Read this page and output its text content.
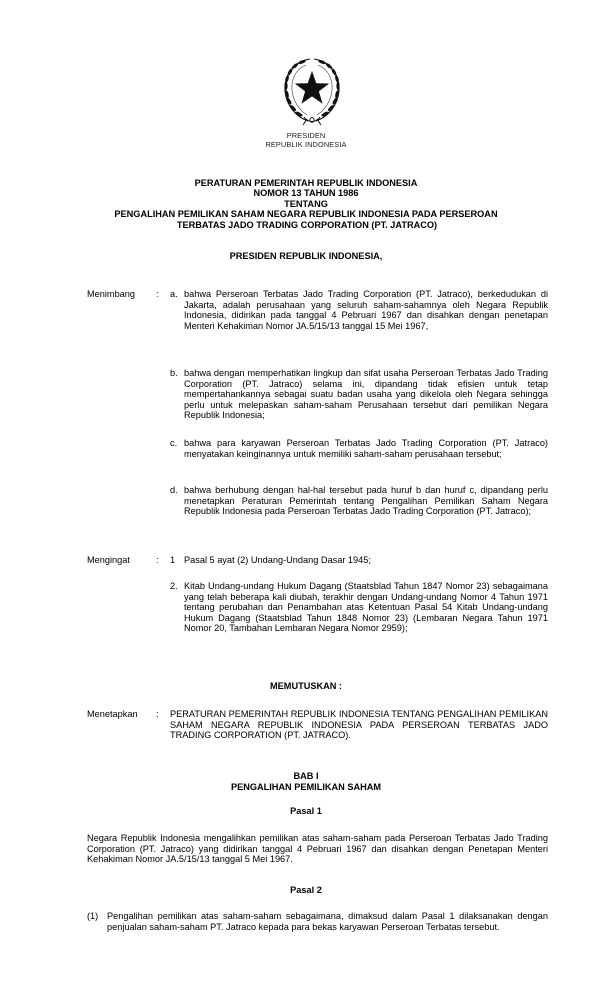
PRESIDEN
REPUBLIK INDONESIA
PERATURAN PEMERINTAH REPUBLIK INDONESIA
NOMOR 13 TAHUN 1986
TENTANG
PENGALIHAN PEMILIKAN SAHAM NEGARA REPUBLIK INDONESIA PADA PERSEROAN
TERBATAS JADO TRADING CORPORATION (PT. JATRACO)
PRESIDEN REPUBLIK INDONESIA,
Menimbang : a. bahwa Perseroan Terbatas Jado Trading Corporation (PT. Jatraco), berkedudukan di Jakarta, adalah perusahaan yang seluruh saham-sahamnya oleh Negara Republik Indonesia, didirikan pada tanggal 4 Pebruari 1967 dan disahkan dengan penetapan Menteri Kehakiman Nomor JA.5/15/13 tanggal 15 Mei 1967,
b. bahwa dengan memperhatikan lingkup dan sifat usaha Perseroan Terbatas Jado Trading Corporation (PT. Jatraco) selama ini, dipandang tidak efisien untuk tetap mempertahankannya sebagai suatu badan usaha yang dikelola oleh Negara sehingga perlu untuk melepaskan saham-saham Perusahaan tersebut dari pemilikan Negara Republik Indonesia;
c. bahwa para karyawan Perseroan Terbatas Jado Trading Corporation (PT. Jatraco) menyatakan keinginannya untuk memiliki saham-saham perusahaan tersebut;
d. bahwa berhubung dengan hal-hal tersebut pada huruf b dan huruf c, dipandang perlu menetapkan Peraturan Pemerintah tentang Pengalihan Pemilikan Saham Negara Republik Indonesia pada Perseroan Terbatas Jado Trading Corporation (PT. Jatraco);
Mengingat	: 1 Pasal 5 ayat (2) Undang-Undang Dasar 1945;
2. Kitab Undang-undang Hukum Dagang (Staatsblad Tahun 1847 Nomor 23) sebagaimana yang telah beberapa kali diubah, terakhir dengan Undang-undang Nomor 4 Tahun 1971 tentang perubahan dan Penambahan atas Ketentuan Pasal 54 Kitab Undang-undang Hukum Dagang (Staatsblad Tahun 1848 Nomor 23) (Lembaran Negara Tahun 1971 Nomor 20, Tambahan Lembaran Negara Nomor 2959);
MEMUTUSKAN :
Menetapkan : PERATURAN PEMERINTAH REPUBLIK INDONESIA TENTANG PENGALIHAN PEMILIKAN SAHAM NEGARA REPUBLIK INDONESIA PADA PERSEROAN TERBATAS JADO TRADING CORPORATION (PT. JATRACO).
BAB I
PENGALIHAN PEMILIKAN SAHAM
Pasal 1
Negara Republik Indonesia mengalihkan pemilikan atas saham-saham pada Perseroan Terbatas Jado Trading Corporation (PT. Jatraco) yang didirikan tanggal 4 Pebruari 1967 dan disahkan dengan Penetapan Menteri Kehakiman Nomor JA.5/15/13 tanggal 5 Mei 1967.
Pasal 2
(1) Pengalihan pemilikan atas saham-saham sebagaimana, dimaksud dalam Pasal 1 dilaksanakan dengan penjualan saham-saham PT. Jatraco kepada para bekas karyawan Perseroan Terbatas tersebut.
